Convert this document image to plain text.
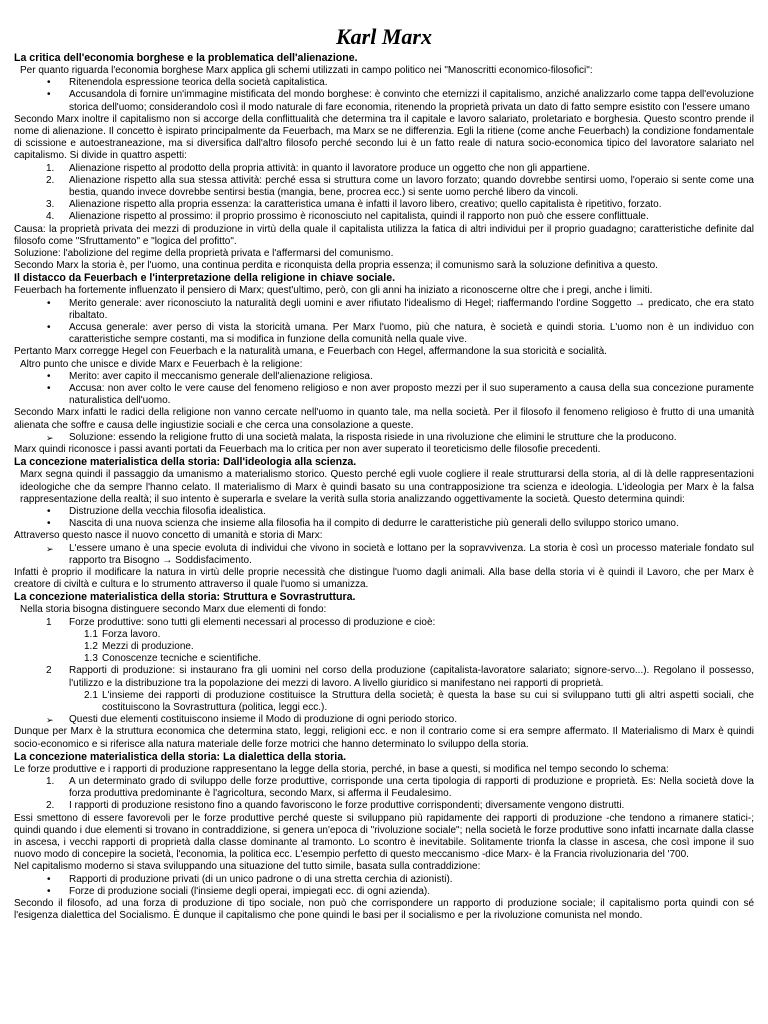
Karl Marx
La critica dell'economia borghese e la problematica dell'alienazione.

Per quanto riguarda l'economia borghese Marx applica gli schemi utilizzati in campo politico nei "Manoscritti economico-filosofici":

• Ritenendola espressione teorica della società capitalistica.
• Accusandola di fornire un'immagine mistificata del mondo borghese: è convinto che eternizzi il capitalismo, anziché analizzarlo come tappa dell'evoluzione storica dell'uomo; considerandolo così il modo naturale di fare economia, ritenendo la proprietà privata un dato di fatto sempre esistito con l'essere umano

Secondo Marx inoltre il capitalismo non si accorge della conflittualità che determina tra il capitale e lavoro salariato, proletariato e borghesia. Questo scontro prende il nome di alienazione. Il concetto è ispirato principalmente da Feuerbach, ma Marx se ne differenzia. Egli la ritiene (come anche Feuerbach) la condizione fondamentale di scissione e autoestraneazione, ma si diversifica dall'altro filosofo perché secondo lui è un fatto reale di natura socio-economica tipico del lavoratore salariato nel capitalismo. Si divide in quattro aspetti:

1. Alienazione rispetto al prodotto della propria attività: in quanto il lavoratore produce un oggetto che non gli appartiene.
2. Alienazione rispetto alla sua stessa attività: perché essa si struttura come un lavoro forzato; quando dovrebbe sentirsi uomo, l'operaio si sente come una bestia, quando invece dovrebbe sentirsi bestia (mangia, bene, procrea ecc.) si sente uomo perché libero da vincoli.
3. Alienazione rispetto alla propria essenza: la caratteristica umana è infatti il lavoro libero, creativo; quello capitalista è ripetitivo, forzato.
4. Alienazione rispetto al prossimo: il proprio prossimo è riconosciuto nel capitalista, quindi il rapporto non può che essere conflittuale.

Causa: la proprietà privata dei mezzi di produzione in virtù della quale il capitalista utilizza la fatica di altri individui per il proprio guadagno; caratteristiche definite dal filosofo come "Sfruttamento" e "logica del profitto".

Soluzione: l'abolizione del regime della proprietà privata e l'affermarsi del comunismo.

Secondo Marx la storia è, per l'uomo, una continua perdita e riconquista della propria essenza; il comunismo sarà la soluzione definitiva a questo.

Il distacco da Feuerbach e l'interpretazione della religione in chiave sociale.

Feuerbach ha fortemente influenzato il pensiero di Marx; quest'ultimo, però, con gli anni ha iniziato a riconoscerne oltre che i pregi, anche i limiti.

• Merito generale: aver riconosciuto la naturalità degli uomini e aver rifiutato l'idealismo di Hegel; riaffermando l'ordine Soggetto → predicato, che era stato ribaltato.
• Accusa generale: aver perso di vista la storicità umana. Per Marx l'uomo, più che natura, è società e quindi storia. L'uomo non è un individuo con caratteristiche sempre costanti, ma si modifica in funzione della comunità nella quale vive.

Pertanto Marx corregge Hegel con Feuerbach e la naturalità umana, e Feuerbach con Hegel, affermandone la sua storicità e socialità.

Altro punto che unisce e divide Marx e Feuerbach è la religione:

• Merito: aver capito il meccanismo generale dell'alienazione religiosa.
• Accusa: non aver colto le vere cause del fenomeno religioso e non aver proposto mezzi per il suo superamento a causa della sua concezione puramente naturalistica dell'uomo.

Secondo Marx infatti le radici della religione non vanno cercate nell'uomo in quanto tale, ma nella società. Per il filosofo il fenomeno religioso è frutto di una umanità alienata che soffre e causa delle ingiustizie sociali e che cerca una consolazione a queste.

➢ Soluzione: essendo la religione frutto di una società malata, la risposta risiede in una rivoluzione che elimini le strutture che la producono.

Marx quindi riconosce i passi avanti portati da Feuerbach ma lo critica per non aver superato il teoreticismo delle filosofie precedenti.

La concezione materialistica della storia: Dall'ideologia alla scienza.

Marx segna quindi il passaggio da umanismo a materialismo storico. Questo perché egli vuole cogliere il reale strutturarsi della storia, al di là delle rappresentazioni ideologiche che da sempre l'hanno celato. Il materialismo di Marx è quindi basato su una contrapposizione tra scienza e ideologia. L'ideologia per Marx è la falsa rappresentazione della realtà; il suo intento è superarla e svelare la verità sulla storia analizzando oggettivamente la società. Questo determina quindi:

• Distruzione della vecchia filosofia idealistica.
• Nascita di una nuova scienza che insieme alla filosofia ha il compito di dedurre le caratteristiche più generali dello sviluppo storico umano.

Attraverso questo nasce il nuovo concetto di umanità e storia di Marx:

➢ L'essere umano è una specie evoluta di individui che vivono in società e lottano per la sopravvivenza. La storia è così un processo materiale fondato sul rapporto tra Bisogno → Soddisfacimento.

Infatti è proprio il modificare la natura in virtù delle proprie necessità che distingue l'uomo dagli animali. Alla base della storia vi è quindi il Lavoro, che per Marx è creatore di civiltà e cultura e lo strumento attraverso il quale l'uomo si umanizza.

La concezione materialistica della storia: Struttura e Sovrastruttura.

Nella storia bisogna distinguere secondo Marx due elementi di fondo:

1 Forze produttive: sono tutti gli elementi necessari al processo di produzione e cioè:
1.1 Forza lavoro.
1.2 Mezzi di produzione.
1.3 Conoscenze tecniche e scientifiche.
2 Rapporti di produzione: si instaurano fra gli uomini nel corso della produzione (capitalista-lavoratore salariato; signore-servo...). Regolano il possesso, l'utilizzo e la distribuzione tra la popolazione dei mezzi di lavoro. A livello giuridico si manifestano nei rapporti di proprietà.
2.1 L'insieme dei rapporti di produzione costituisce la Struttura della società; è questa la base su cui si sviluppano tutti gli altri aspetti sociali, che costituiscono la Sovrastruttura (politica, leggi ecc.).
➢ Questi due elementi costituiscono insieme il Modo di produzione di ogni periodo storico.

Dunque per Marx è la struttura economica che determina stato, leggi, religioni ecc. e non il contrario come si era sempre affermato. Il Materialismo di Marx è quindi socio-economico e si riferisce alla natura materiale delle forze motrici che hanno determinato lo sviluppo della storia.

La concezione materialistica della storia: La dialettica della storia.

Le forze produttive e i rapporti di produzione rappresentano la legge della storia, perché, in base a questi, si modifica nel tempo secondo lo schema:

1. A un determinato grado di sviluppo delle forze produttive, corrisponde una certa tipologia di rapporti di produzione e proprietà. Es: Nella società dove la forza produttiva predominante è l'agricoltura, secondo Marx, si afferma il Feudalesimo.
2. I rapporti di produzione resistono fino a quando favoriscono le forze produttive corrispondenti; diversamente vengono distrutti.

Essi smettono di essere favorevoli per le forze produttive perché queste si sviluppano più rapidamente dei rapporti di produzione -che tendono a rimanere statici-; quindi quando i due elementi si trovano in contraddizione, si genera un'epoca di "rivoluzione sociale"; nella società le forze produttive sono infatti incarnate dalla classe in ascesa, i vecchi rapporti di proprietà dalla classe dominante al tramonto. Lo scontro è inevitabile. Solitamente trionfa la classe in ascesa, che così impone il suo nuovo modo di concepire la società, l'economia, la politica ecc. L'esempio perfetto di questo meccanismo -dice Marx- è la Francia rivoluzionaria del '700.

Nel capitalismo moderno si stava sviluppando una situazione del tutto simile, basata sulla contraddizione:

• Rapporti di produzione privati (di un unico padrone o di una stretta cerchia di azionisti).
• Forze di produzione sociali (l'insieme degli operai, impiegati ecc. di ogni azienda).

Secondo il filosofo, ad una forza di produzione di tipo sociale, non può che corrispondere un rapporto di produzione sociale; il capitalismo porta quindi con sé l'esigenza dialettica del Socialismo. È dunque il capitalismo che pone quindi le basi per il socialismo e per la rivoluzione comunista nel mondo.
